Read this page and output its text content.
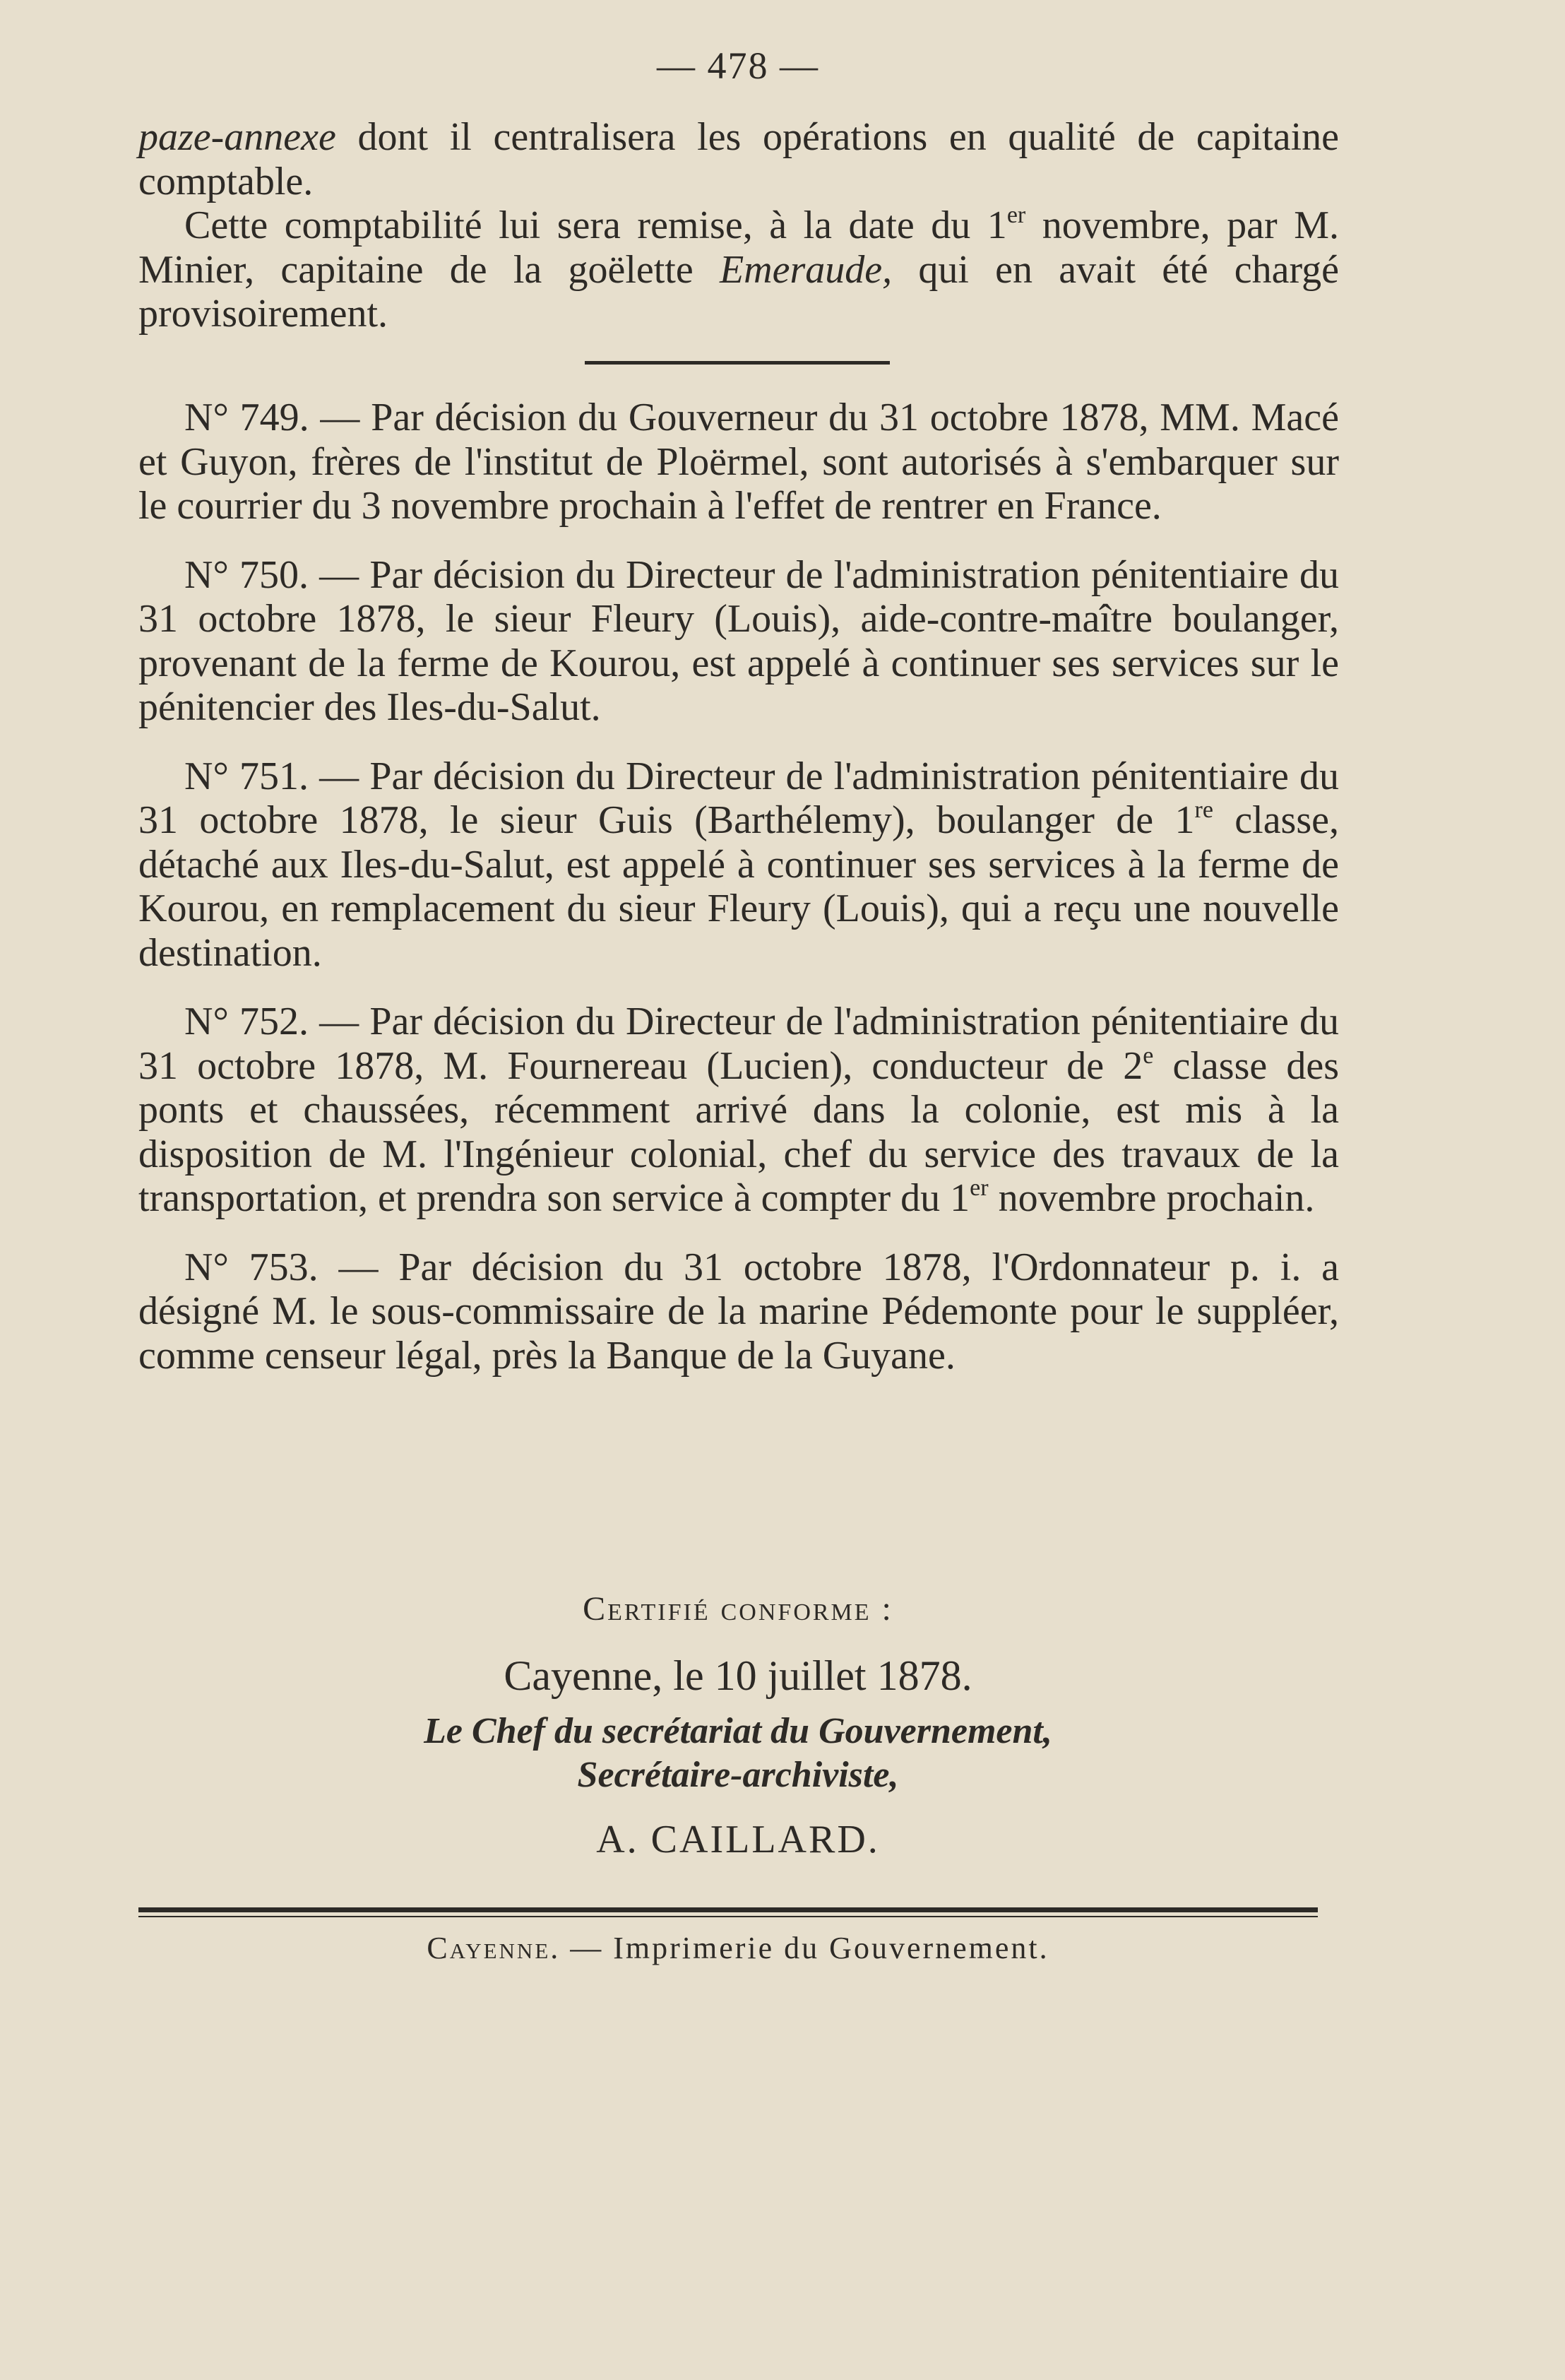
— 478 —

paze-annexe dont il centralisera les opérations en qualité de capitaine comptable.

Cette comptabilité lui sera remise, à la date du 1er novembre, par M. Minier, capitaine de la goëlette Emeraude, qui en avait été chargé provisoirement.

N° 749. — Par décision du Gouverneur du 31 octobre 1878, MM. Macé et Guyon, frères de l'institut de Ploërmel, sont autorisés à s'embarquer sur le courrier du 3 novembre prochain à l'effet de rentrer en France.

N° 750. — Par décision du Directeur de l'administration pénitentiaire du 31 octobre 1878, le sieur Fleury (Louis), aide-contre-maître boulanger, provenant de la ferme de Kourou, est appelé à continuer ses services sur le pénitencier des Iles-du-Salut.

N° 751. — Par décision du Directeur de l'administration pénitentiaire du 31 octobre 1878, le sieur Guis (Barthélemy), boulanger de 1re classe, détaché aux Iles-du-Salut, est appelé à continuer ses services à la ferme de Kourou, en remplacement du sieur Fleury (Louis), qui a reçu une nouvelle destination.

N° 752. — Par décision du Directeur de l'administration pénitentiaire du 31 octobre 1878, M. Fournereau (Lucien), conducteur de 2e classe des ponts et chaussées, récemment arrivé dans la colonie, est mis à la disposition de M. l'Ingénieur colonial, chef du service des travaux de la transportation, et prendra son service à compter du 1er novembre prochain.

N° 753. — Par décision du 31 octobre 1878, l'Ordonnateur p. i. a désigné M. le sous-commissaire de la marine Pédemonte pour le suppléer, comme censeur légal, près la Banque de la Guyane.

Certifié conforme :
Cayenne, le 10 juillet 1878.
Le Chef du secrétariat du Gouvernement,
Secrétaire-archiviste,
A. CAILLARD.
Cayenne. — Imprimerie du Gouvernement.
